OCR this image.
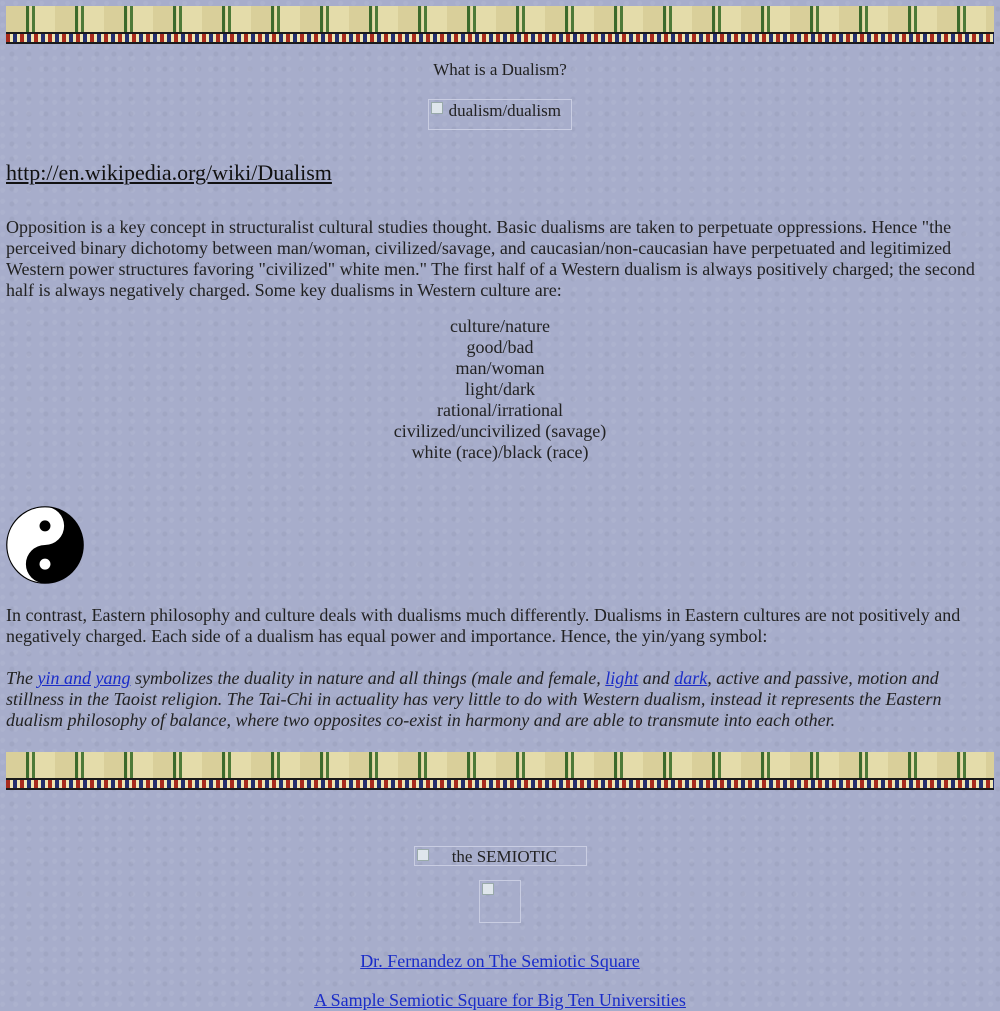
What is a Dualism?
dualism/dualism
http://en.wikipedia.org/wiki/Dualism
Opposition is a key concept in structuralist cultural studies thought. Basic dualisms are taken to perpetuate oppressions. Hence "the perceived binary dichotomy between man/woman, civilized/savage, and caucasian/non-caucasian have perpetuated and legitimized Western power structures favoring "civilized" white men." The first half of a Western dualism is always positively charged; the second half is always negatively charged. Some key dualisms in Western culture are:
culture/nature
good/bad
man/woman
light/dark
rational/irrational
civilized/uncivilized (savage)
white (race)/black (race)
In contrast, Eastern philosophy and culture deals with dualisms much differently. Dualisms in Eastern cultures are not positively and negatively charged. Each side of a dualism has equal power and importance. Hence, the yin/yang symbol:
The yin and yang symbolizes the duality in nature and all things (male and female, light and dark, active and passive, motion and stillness in the Taoist religion. The Tai-Chi in actuality has very little to do with Western dualism, instead it represents the Eastern dualism philosophy of balance, where two opposites co-exist in harmony and are able to transmute into each other.
the SEMIOTIC
Dr. Fernandez on The Semiotic Square
A Sample Semiotic Square for Big Ten Universities
